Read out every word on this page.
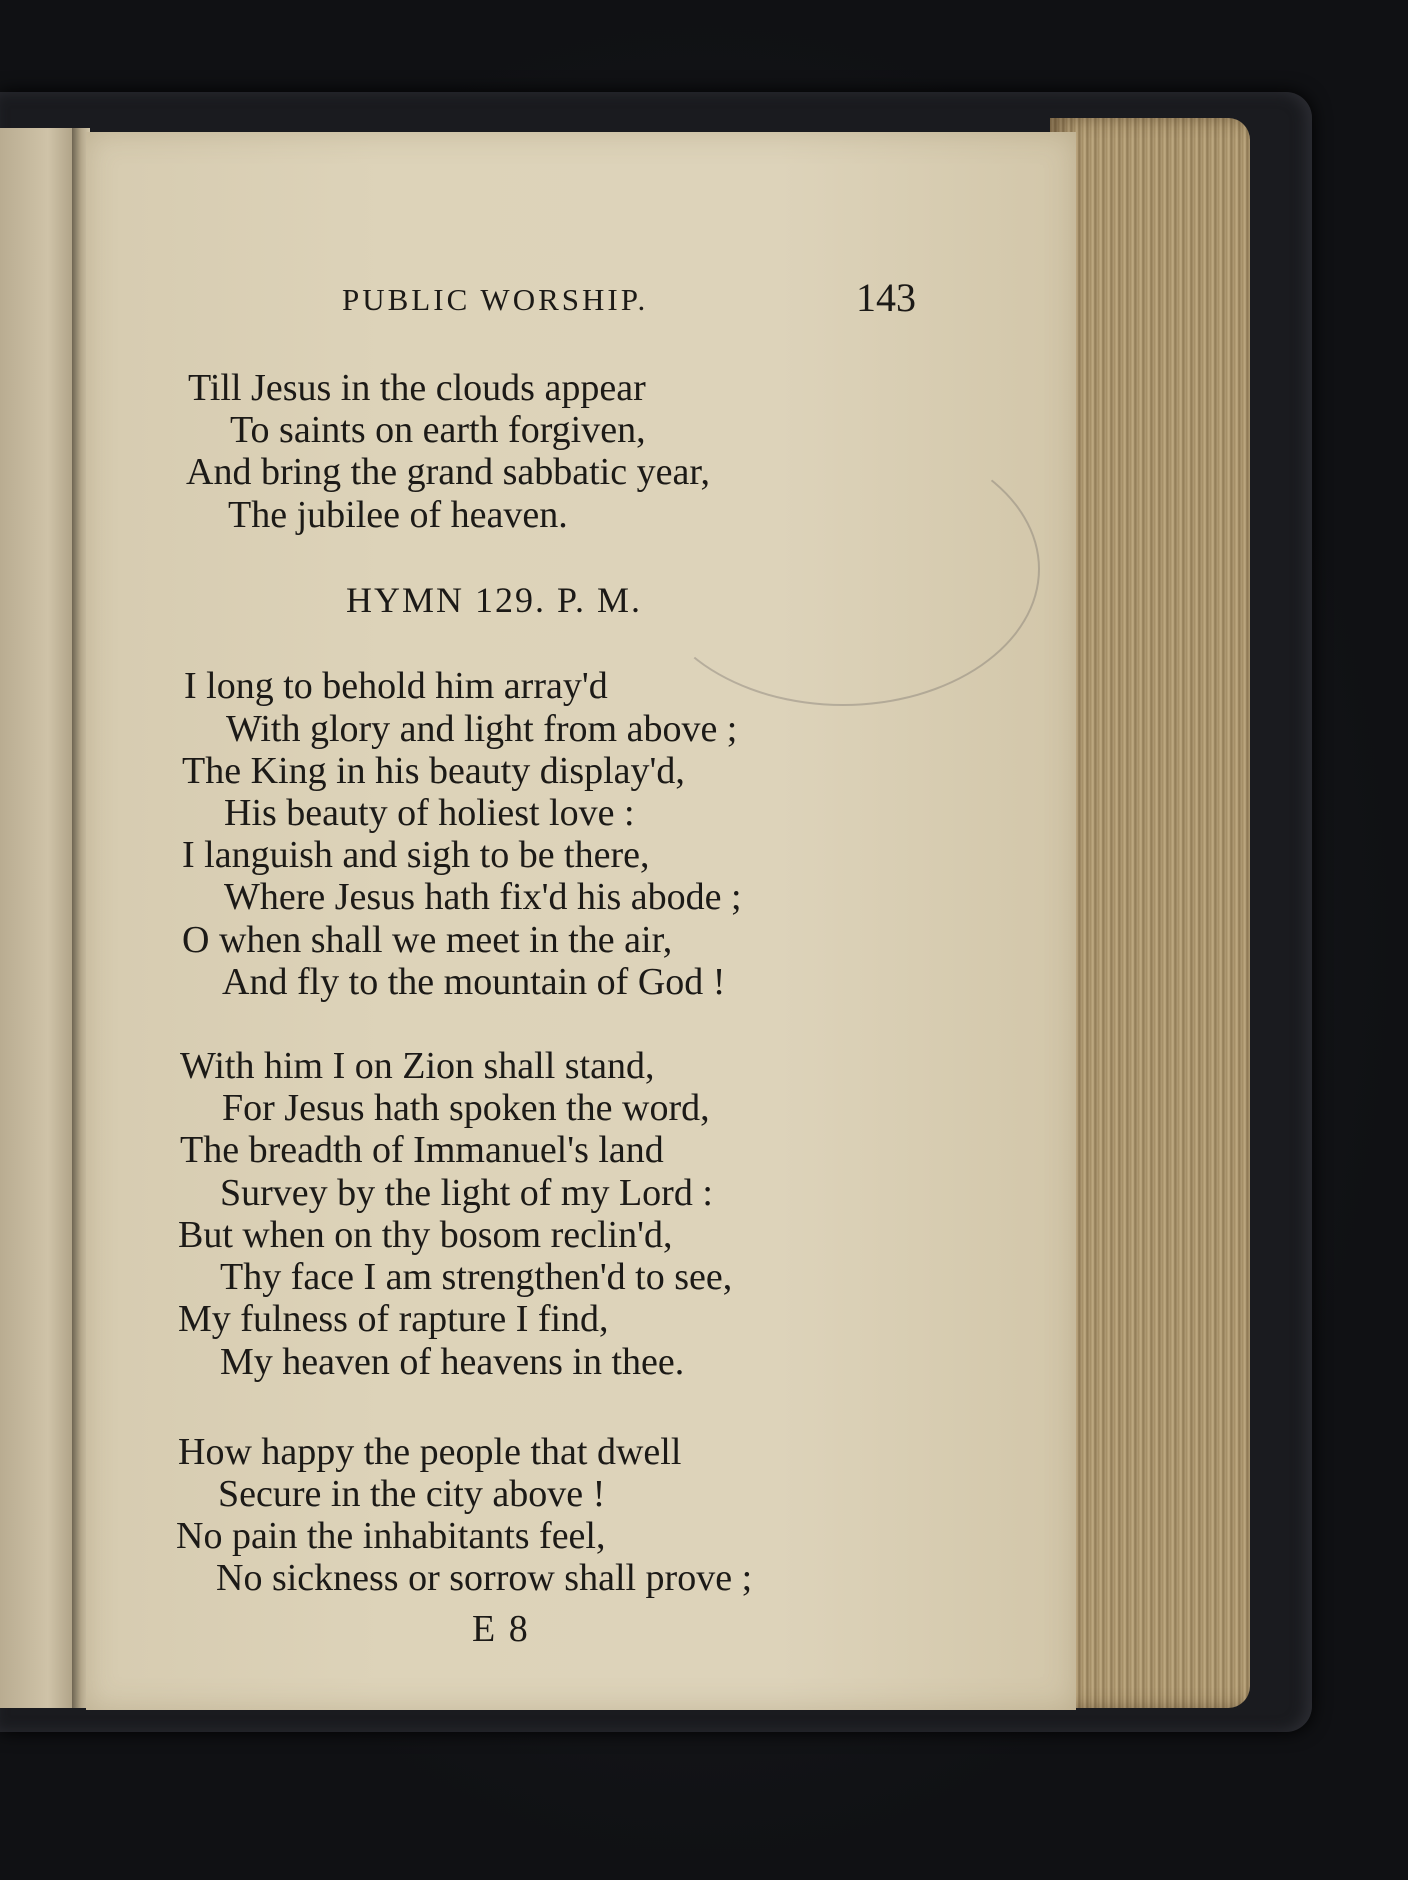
PUBLIC WORSHIP.	143
Till Jesus in the clouds appear
To saints on earth forgiven,
And bring the grand sabbatic year,
The jubilee of heaven.
HYMN 129. P. M.
I long to behold him array'd
With glory and light from above ;
The King in his beauty display'd,
His beauty of holiest love :
I languish and sigh to be there,
Where Jesus hath fix'd his abode ;
O when shall we meet in the air,
And fly to the mountain of God !
With him I on Zion shall stand,
For Jesus hath spoken the word,
The breadth of Immanuel's land
Survey by the light of my Lord :
But when on thy bosom reclin'd,
Thy face I am strengthen'd to see,
My fulness of rapture I find,
My heaven of heavens in thee.
How happy the people that dwell
Secure in the city above !
No pain the inhabitants feel,
No sickness or sorrow shall prove ;
E 8
